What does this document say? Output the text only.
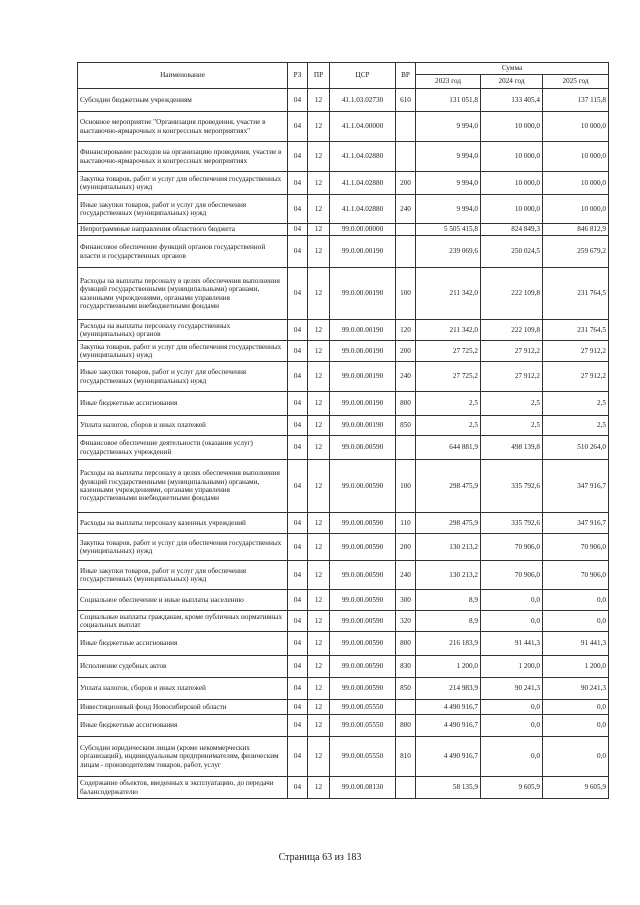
Наименование	РЗ	ПР	ЦСР	ВР	Сумма		
					2023 год	2024 год	2025 год
Субсидии бюджетным учреждениям	04	12	41.1.03.02730	610	131 051,8	133 405,4	137 115,8
Основное мероприятие "Организация проведения, участие в выставочно-ярмарочных и конгрессных мероприятиях"	04	12	41.1.04.00000		9 994,0	10 000,0	10 000,0
Финансирование расходов на организацию проведения, участие в выставочно-ярмарочных и конгрессных мероприятиях	04	12	41.1.04.02880		9 994,0	10 000,0	10 000,0
Закупка товаров, работ и услуг для обеспечения государственных (муниципальных) нужд	04	12	41.1.04.02880	200	9 994,0	10 000,0	10 000,0
Иные закупки товаров, работ и услуг для обеспечения государственных (муниципальных) нужд	04	12	41.1.04.02880	240	9 994,0	10 000,0	10 000,0
Непрограммные направления областного бюджета	04	12	99.0.00.00000		5 505 415,8	824 849,3	846 812,9
Финансовое обеспечение функций органов государственной власти и государственных органов	04	12	99.0.00.00190		239 069,6	250 024,5	259 679,2
Расходы на выплаты персоналу в целях обеспечения выполнения функций государственными (муниципальными) органами, казенными учреждениями, органами управления государственными внебюджетными фондами	04	12	99.0.00.00190	100	211 342,0	222 109,8	231 764,5
Расходы на выплаты персоналу государственных (муниципальных) органов	04	12	99.0.00.00190	120	211 342,0	222 109,8	231 764,5
Закупка товаров, работ и услуг для обеспечения государственных (муниципальных) нужд	04	12	99.0.00.00190	200	27 725,2	27 912,2	27 912,2
Иные закупки товаров, работ и услуг для обеспечения государственных (муниципальных) нужд	04	12	99.0.00.00190	240	27 725,2	27 912,2	27 912,2
Иные бюджетные ассигнования	04	12	99.0.00.00190	800	2,5	2,5	2,5
Уплата налогов, сборов и иных платежей	04	12	99.0.00.00190	850	2,5	2,5	2,5
Финансовое обеспечение деятельности (оказания услуг) государственных учреждений	04	12	99.0.00.00590		644 881,9	498 139,8	510 264,0
Расходы на выплаты персоналу в целях обеспечения выполнения функций государственными (муниципальными) органами, казенными учреждениями, органами управления государственными внебюджетными фондами	04	12	99.0.00.00590	100	298 475,9	335 792,6	347 916,7
Расходы на выплаты персоналу казенных учреждений	04	12	99.0.00.00590	110	298 475,9	335 792,6	347 916,7
Закупка товаров, работ и услуг для обеспечения государственных (муниципальных) нужд	04	12	99.0.00.00590	200	130 213,2	70 906,0	70 906,0
Иные закупки товаров, работ и услуг для обеспечения государственных (муниципальных) нужд	04	12	99.0.00.00590	240	130 213,2	70 906,0	70 906,0
Социальное обеспечение и иные выплаты населению	04	12	99.0.00.00590	300	8,9	0,0	0,0
Социальные выплаты гражданам, кроме публичных нормативных социальных выплат	04	12	99.0.00.00590	320	8,9	0,0	0,0
Иные бюджетные ассигнования	04	12	99.0.00.00590	800	216 183,9	91 441,3	91 441,3
Исполнение судебных актов	04	12	99.0.00.00590	830	1 200,0	1 200,0	1 200,0
Уплата налогов, сборов и иных платежей	04	12	99.0.00.00590	850	214 983,9	90 241,3	90 241,3
Инвестиционный фонд Новосибирской области	04	12	99.0.00.05550		4 490 916,7	0,0	0,0
Иные бюджетные ассигнования	04	12	99.0.00.05550	800	4 490 916,7	0,0	0,0
Субсидии юридическим лицам (кроме некоммерческих организаций), индивидуальным предпринимателям, физическим лицам - производителям товаров, работ, услуг	04	12	99.0.00.05550	810	4 490 916,7	0,0	0,0
Содержание объектов, введенных в эксплуатацию, до передачи балансодержателю	04	12	99.0.00.08130		58 135,9	9 605,9	9 605,9
Страница 63 из 183
